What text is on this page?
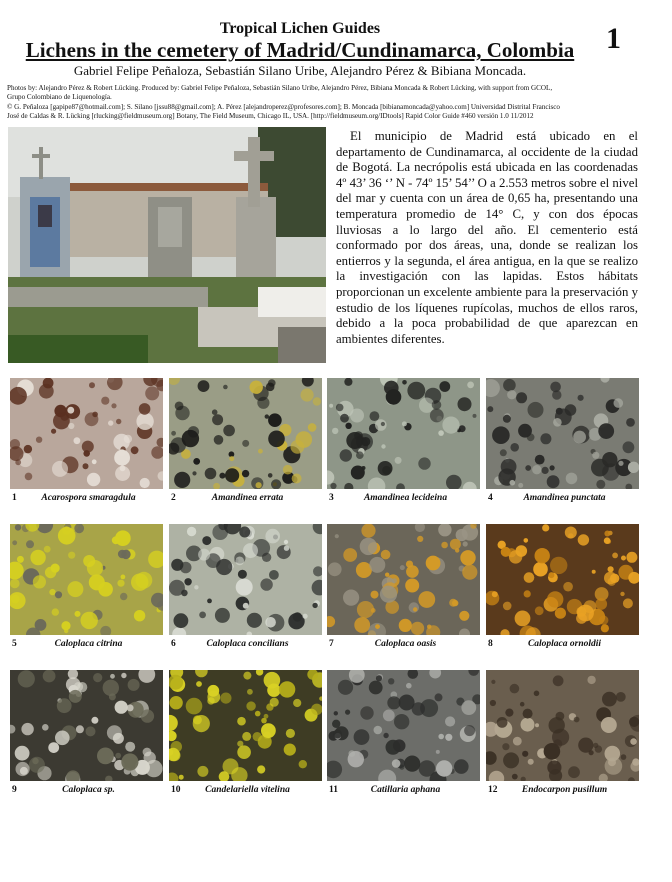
Tropical Lichen Guides
Lichens in the cemetery of Madrid/Cundinamarca, Colombia
Gabriel Felipe Peñaloza, Sebastián Silano Uribe, Alejandro Pérez & Bibiana Moncada.
1
Photos by: Alejandro Pérez & Robert Lücking. Produced by: Gabriel Felipe Peñaloza, Sebastián Silano Uribe, Alejandro Pérez, Bibiana Moncada & Robert Lücking, with support from GCOL,
Grupo Colombiano de Liquenología.
© G. Peñaloza [gapipe87@hotmail.com]; S. Silano [jssu88@gmail.com]; A. Pérez [alejandroperez@profesores.com]; B. Moncada [bibianamoncada@yahoo.com] Universidad Distrital Francisco
José de Caldas & R. Lücking [rlucking@fieldmuseum.org] Botany, The Field Museum, Chicago IL, USA. [http://fieldmuseum.org/IDtools] Rapid Color Guide #460 versión 1.0 11/2012
El municipio de Madrid está ubicado en el departamento de Cundinamarca, al occidente de la ciudad de Bogotá. La necrópolis está ubicada en las coordenadas 4º 43’ 36 ‘’ N - 74º 15’ 54’’ O a 2.553 metros sobre el nivel del mar y cuenta con un área de 0,65 ha, presentando una temperatura promedio de 14° C, y con dos épocas lluviosas a lo largo del año. El cementerio está conformado por dos áreas, una, donde se realizan los entierros y la segunda, el área antigua, en la que se realizo la investigación con las lapidas. Estos hábitats proporcionan un excelente ambiente para la preservación y estudio de los líquenes rupícolas, muchos de ellos raros, debido a la poca probabilidad de que aparezcan en ambientes diferentes.
1	Acarospora smaragdula	2	Amandinea errata	3	Amandinea lecideina	4	Amandinea punctata
5	Caloplaca citrina	6	Caloplaca concilians	7	Caloplaca oasis	8	Caloplaca ornoldii
9	Caloplaca sp.	10	Candelariella vitelina	11	Catillaria aphana	12	Endocarpon pusillum
